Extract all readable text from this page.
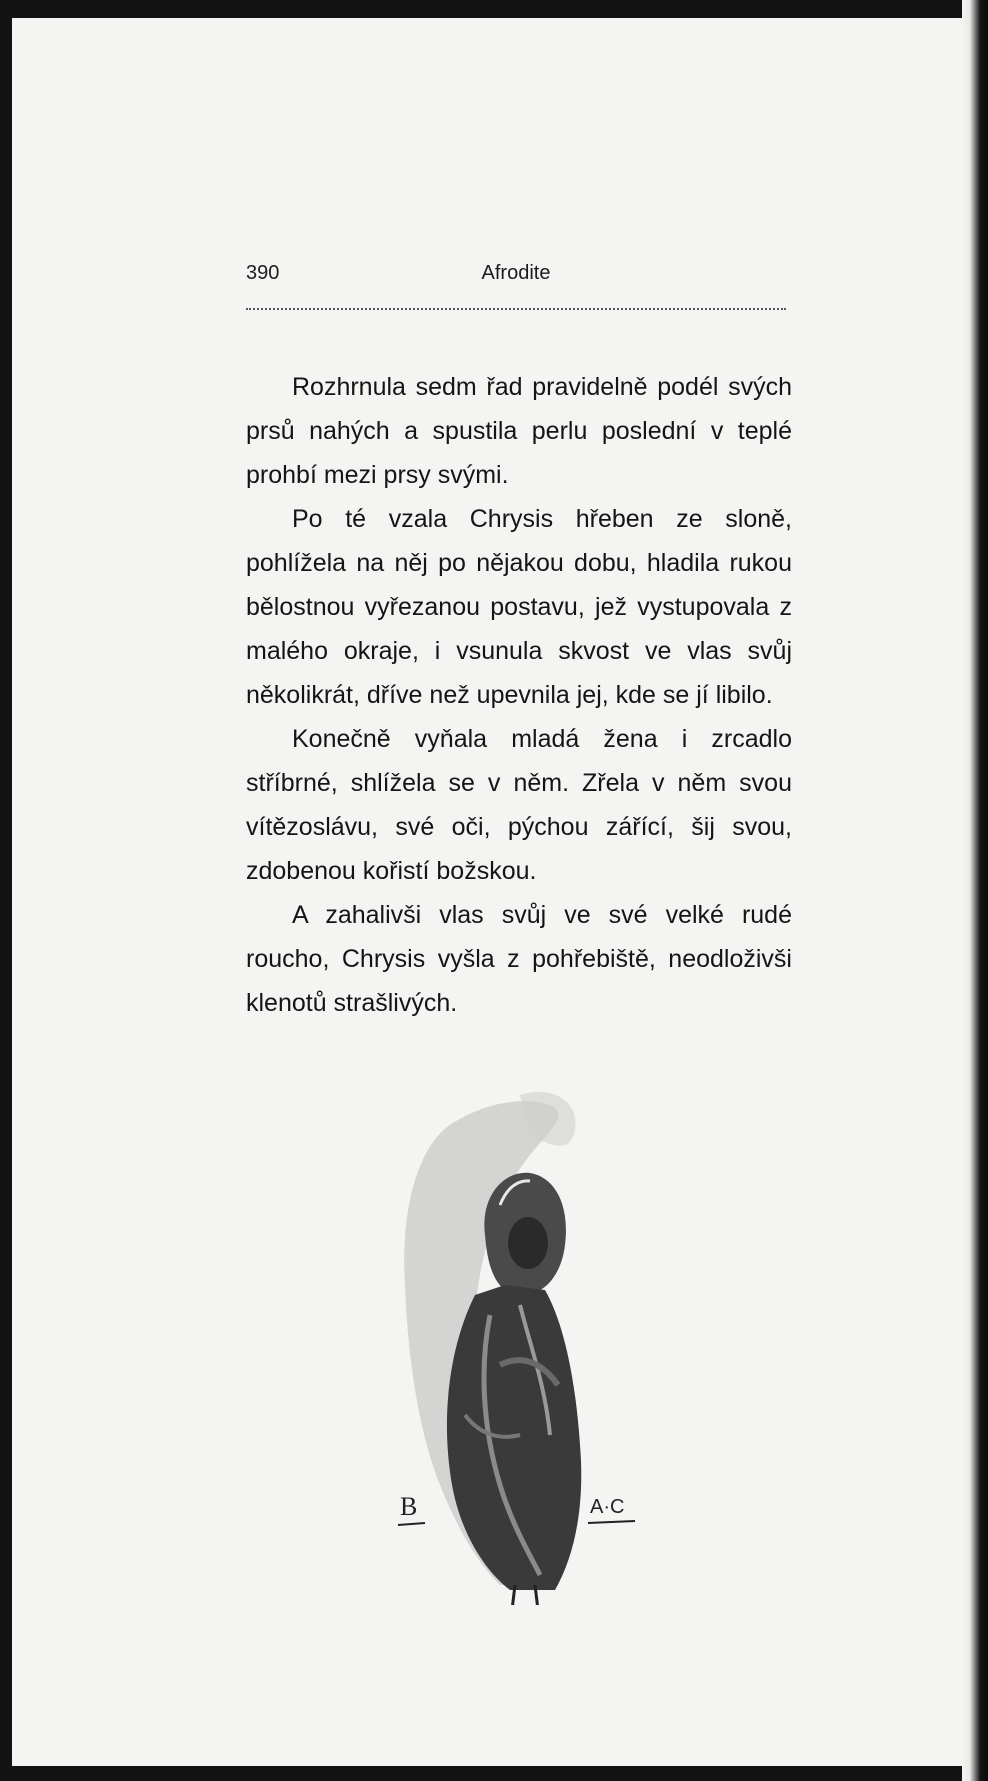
390	Afrodite

Rozhrnula sedm řad pravidelně podél svých prsů nahých a spustila perlu poslední v teplé prohbí mezi prsy svými.

Po té vzala Chrysis hřeben ze sloně, pohlížela na něj po nějakou dobu, hladila rukou bělostnou vyřezanou postavu, jež vystupovala z malého okraje, i vsunula skvost ve vlas svůj několikrát, dříve než upevnila jej, kde se jí libilo.

Konečně vyňala mladá žena i zrcadlo stříbrné, shlížela se v něm. Zřela v něm svou vítězoslávu, své oči, pýchou zářící, šij svou, zdobenou kořistí božskou.

A zahalivši vlas svůj ve své velké rudé roucho, Chrysis vyšla z pohřebiště, neodloživši klenotů strašlivých.

B	A·C
